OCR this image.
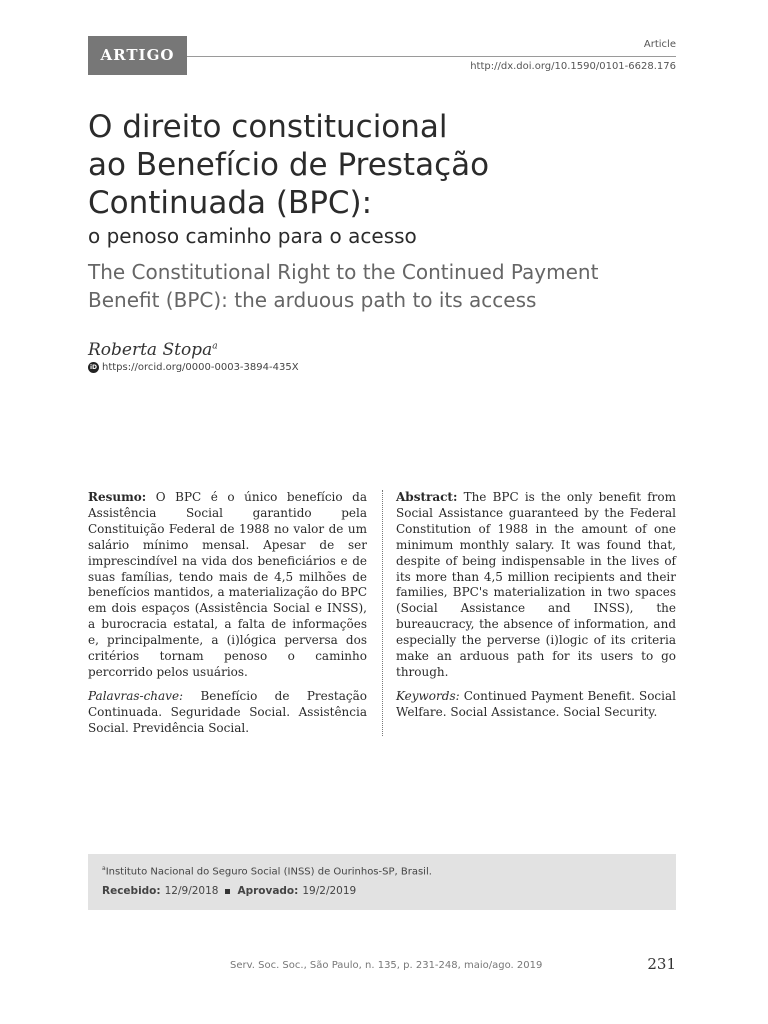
ARTIGO
Article
http://dx.doi.org/10.1590/0101-6628.176
O direito constitucional
ao Benefício de Prestação
Continuada (BPC):
o penoso caminho para o acesso
The Constitutional Right to the Continued Payment
Benefit (BPC): the arduous path to its access
Roberta Stopa$^a$
iD https://orcid.org/0000-0003-3894-435X

Resumo: O BPC é o único benefício da Assistência Social garantido pela Constituição Federal de 1988 no valor de um salário mínimo mensal. Apesar de ser imprescindível na vida dos beneficiários e de suas famílias, tendo mais de 4,5 milhões de benefícios mantidos, a materialização do BPC em dois espaços (Assistência Social e INSS), a burocracia estatal, a falta de informações e, principalmente, a (i)lógica perversa dos critérios tornam penoso o caminho percorrido pelos usuários.

Palavras-chave: Benefício de Prestação Continuada. Seguridade Social. Assistência Social. Previdência Social.

Abstract: The BPC is the only benefit from Social Assistance guaranteed by the Federal Constitution of 1988 in the amount of one minimum monthly salary. It was found that, despite of being indispensable in the lives of its more than 4,5 million recipients and their families, BPC's materialization in two spaces (Social Assistance and INSS), the bureaucracy, the absence of information, and especially the perverse (i)logic of its criteria make an arduous path for its users to go through.

Keywords: Continued Payment Benefit. Social Welfare. Social Assistance. Social Security.

$^a$Instituto Nacional do Seguro Social (INSS) de Ourinhos-SP, Brasil.
Recebido: 12/9/2018 Aprovado: 19/2/2019
Serv. Soc. Soc., São Paulo, n. 135, p. 231-248, maio/ago. 2019	231
